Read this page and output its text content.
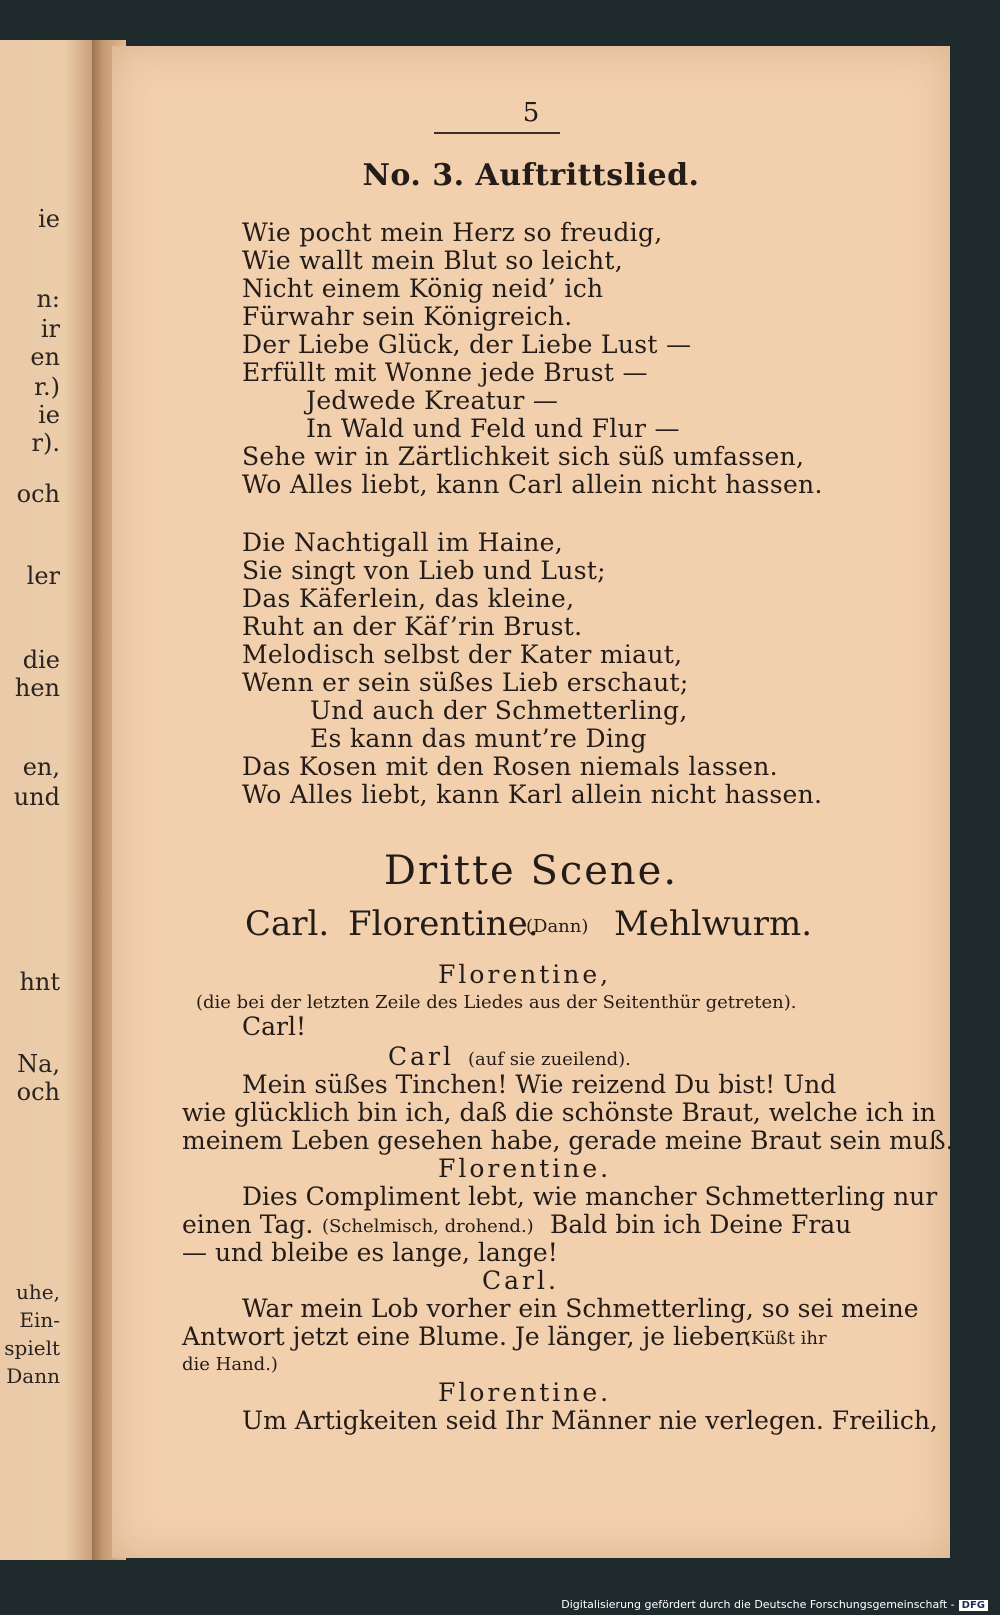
ie
n:
ir
en
r.)
ie
r).
och
ler
die
hen
en,
und
hnt
Na,
och
uhe,
Ein-
spielt
Dann
5
No. 3. Auftrittslied.
Wie pocht mein Herz so freudig,
Wie wallt mein Blut so leicht,
Nicht einem König neid’ ich
Fürwahr sein Königreich.
Der Liebe Glück, der Liebe Lust —
Erfüllt mit Wonne jede Brust —
Jedwede Kreatur —
In Wald und Feld und Flur —
Sehe wir in Zärtlichkeit sich süß umfassen,
Wo Alles liebt, kann Carl allein nicht hassen.
Die Nachtigall im Haine,
Sie singt von Lieb und Lust;
Das Käferlein, das kleine,
Ruht an der Käf’rin Brust.
Melodisch selbst der Kater miaut,
Wenn er sein süßes Lieb erschaut;
Und auch der Schmetterling,
Es kann das munt’re Ding
Das Kosen mit den Rosen niemals lassen.
Wo Alles liebt, kann Karl allein nicht hassen.
Dritte Scene.
Carl. Florentine.
(Dann) Mehlwurm.
Florentine,
(die bei der letzten Zeile des Liedes aus der Seitenthür getreten).
Carl!
Carl (auf sie zueilend).
Mein süßes Tinchen! Wie reizend Du bist! Und
wie glücklich bin ich, daß die schönste Braut, welche ich in
meinem Leben gesehen habe, gerade meine Braut sein muß.
Florentine.
Dies Compliment lebt, wie mancher Schmetterling nur
einen Tag. (Schelmisch, drohend.) Bald bin ich Deine Frau
— und bleibe es lange, lange!
Carl.
War mein Lob vorher ein Schmetterling, so sei meine
Antwort jetzt eine Blume. Je länger, je lieber.
(Küßt ihr
die Hand.)
Florentine.
Um Artigkeiten seid Ihr Männer nie verlegen. Freilich,
Digitalisierung gefördert durch die Deutsche Forschungsgemeinschaft - DFG
